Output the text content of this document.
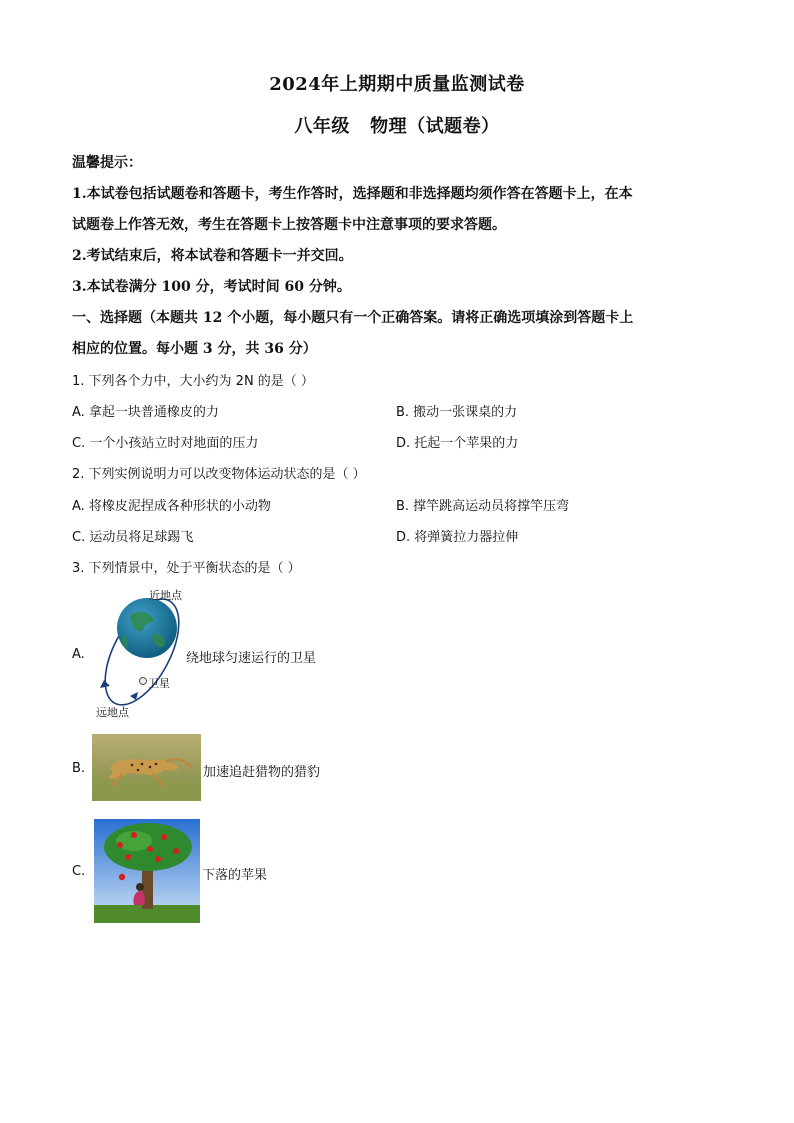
2024年上期期中质量监测试卷
八年级   物理（试题卷）
温馨提示：
1.本试卷包括试题卷和答题卡，考生作答时，选择题和非选择题均须作答在答题卡上，在本
试题卷上作答无效，考生在答题卡上按答题卡中注意事项的要求答题。
2.考试结束后，将本试卷和答题卡一并交回。
3.本试卷满分 100 分，考试时间 60 分钟。
一、选择题（本题共 12 个小题，每小题只有一个正确答案。请将正确选项填涂到答题卡上
相应的位置。每小题 3 分，共 36 分）
1. 下列各个力中，大小约为 2N 的是（ ）
A. 拿起一块普通橡皮的力	B. 搬动一张课桌的力
C. 一个小孩站立时对地面的压力	D. 托起一个苹果的力
2. 下列实例说明力可以改变物体运动状态的是（ ）
A. 将橡皮泥捏成各种形状的小动物	B. 撑竿跳高运动员将撑竿压弯
C. 运动员将足球踢飞	D. 将弹簧拉力器拉伸
3. 下列情景中，处于平衡状态的是（ ）
A.
近地点
卫星
远地点
绕地球匀速运行的卫星
B.	加速追赶猎物的猎豹
C.	下落的苹果
